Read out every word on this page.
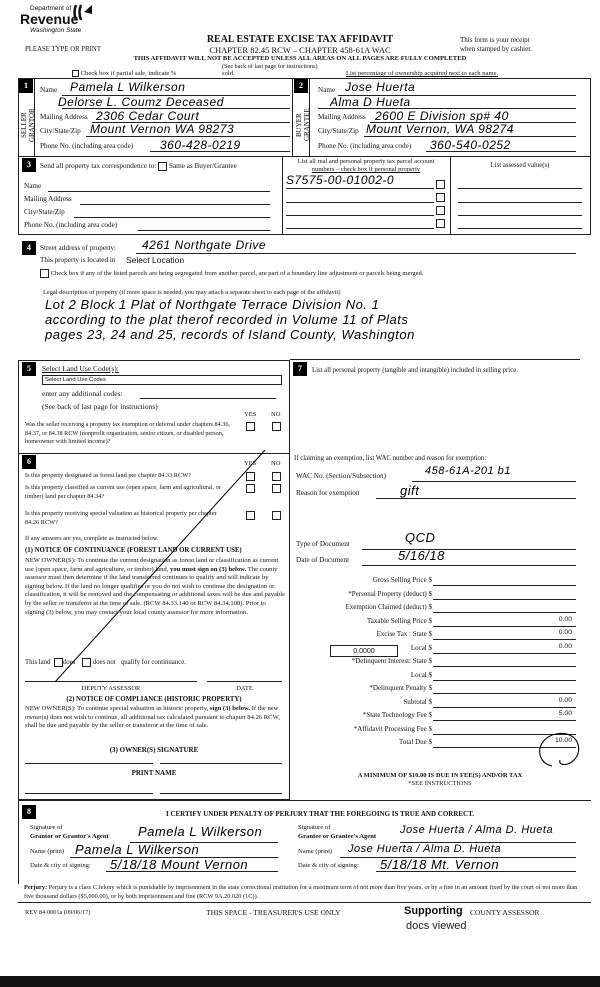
Department of
Revenue
Washington State
REAL ESTATE EXCISE TAX AFFIDAVIT
CHAPTER 82.45 RCW – CHAPTER 458-61A WAC
PLEASE TYPE OR PRINT
This form is your receipt
when stamped by cashier.
THIS AFFIDAVIT WILL NOT BE ACCEPTED UNLESS ALL AREAS ON ALL PAGES ARE FULLY COMPLETED
(See back of last page for instructions)
Check box if partial sale, indicate %	sold.	List percentage of ownership acquired next to each name.
1
SELLER GRANTOR
Name Pamela L Wilkerson
Delorse L. Coumz Deceased
Mailing Address 2306 Cedar Court
City/State/Zip Mount Vernon WA 98273
Phone No. (including area code) 360-428-0219
2
BUYER GRANTEE
Name Jose Huerta
Alma D Hueta
Mailing Address 2600 E Division sp# 40
City/State/Zip Mount Vernon, WA 98274
Phone No. (including area code) 360-540-0252
3	Send all property tax correspondence to: Same as Buyer/Grantee
Name
Mailing Address
City/State/Zip
Phone No. (including area code)
List all real and personal property tax parcel account
numbers – check box if personal property
S7575-00-01002-0
List assessed value(s)
4	Street address of property: 4261 Northgate Drive
This property is located in Select Location
Check box if any of the listed parcels are being segregated from another parcel, are part of a boundary line adjustment or parcels being merged.
Legal description of property (if more space is needed, you may attach a separate sheet to each page of the affidavit)
Lot 2 Block 1 Plat of Northgate Terrace Division No. 1
according to the plat therof recorded in Volume 11 of Plats
pages 23, 24 and 25, records of Island County, Washington
5	Select Land Use Code(s):
Select Land Use Codes
enter any additional codes:
(See back of last page for instructions)
YES NO
Was the seller receiving a property tax exemption or deferral under chapters 84.36, 84.37, or 84.38 RCW (nonprofit organization, senior citizen, or disabled person, homeowner with limited income)?
6	YES NO
Is this property designated as forest land per chapter 84.33 RCW?
Is this property classified as current use (open space, farm and agricultural, or timber) land per chapter 84.34?
Is this property receiving special valuation as historical property per chapter 84.26 RCW?
If any answers are yes, complete as instructed below.
(1) NOTICE OF CONTINUANCE (FOREST LAND OR CURRENT USE)
NEW OWNER(S): To continue the current designation as forest land or classification as current use (open space, farm and agriculture, or timber) land, you must sign on (3) below. The county assessor must then determine if the land transferred continues to qualify and will indicate by signing below. If the land no longer qualifies or you do not wish to continue the designation or classification, it will be removed and the compensating or additional taxes will be due and payable by the seller or transferor at the time of sale. (RCW 84.33.140 or RCW 84.34.108). Prior to signing (3) below, you may contact your local county assessor for more information.
This land does	does not qualify for continuance.
DEPUTY ASSESSOR	DATE
(2) NOTICE OF COMPLIANCE (HISTORIC PROPERTY)
NEW OWNER(S): To continue special valuation as historic property, sign (3) below. If the new owner(s) does not wish to continue, all additional tax calculated pursuant to chapter 84.26 RCW, shall be due and payable by the seller or transferor at the time of sale.
(3) OWNER(S) SIGNATURE
PRINT NAME
7	List all personal property (tangible and intangible) included in selling price.
If claiming an exemption, list WAC number and reason for exemption:
WAC No. (Section/Subsection)	458-61A-201 b1
Reason for exemption	gift
Type of Document	QCD
Date of Document	5/16/18
Gross Selling Price $
*Personal Property (deduct) $
Exemption Claimed (deduct) $
Taxable Selling Price $	0.00
Excise Tax : State $	0.00
Local $	0.00
*Delinquent Interest: State $
Local $
*Delinquent Penalty $
Subtotal $	0.00
*State Technology Fee $	5.00
*Affidavit Processing Fee $
Total Due $	10.00
0.0000
A MINIMUM OF $10.00 IS DUE IN FEE(S) AND/OR TAX
*SEE INSTRUCTIONS
8	I CERTIFY UNDER PENALTY OF PERJURY THAT THE FOREGOING IS TRUE AND CORRECT.
Signature of
Grantor or Grantor's Agent Pamela L Wilkerson
Name (print) Pamela L Wilkerson
Date & city of signing: 5/18/18 Mount Vernon
Signature of
Grantee or Grantee's Agent
Jose Huerta / Alma D. Hueta
Name (print) Jose Huerta / Alma D. Hueta
Date & city of signing: 5/18/18 Mt. Vernon
Perjury: Perjury is a class C felony which is punishable by imprisonment in the state correctional institution for a maximum term of not more than five years, or by a fine in an amount fixed by the court of not more than five thousand dollars ($5,000.00), or by both imprisonment and fine (RCW 9A.20.020 (1C)).
REV 84 0001a (09/06/17)	THIS SPACE - TREASURER'S USE ONLY	COUNTY ASSESSOR
Supporting
docs viewed
